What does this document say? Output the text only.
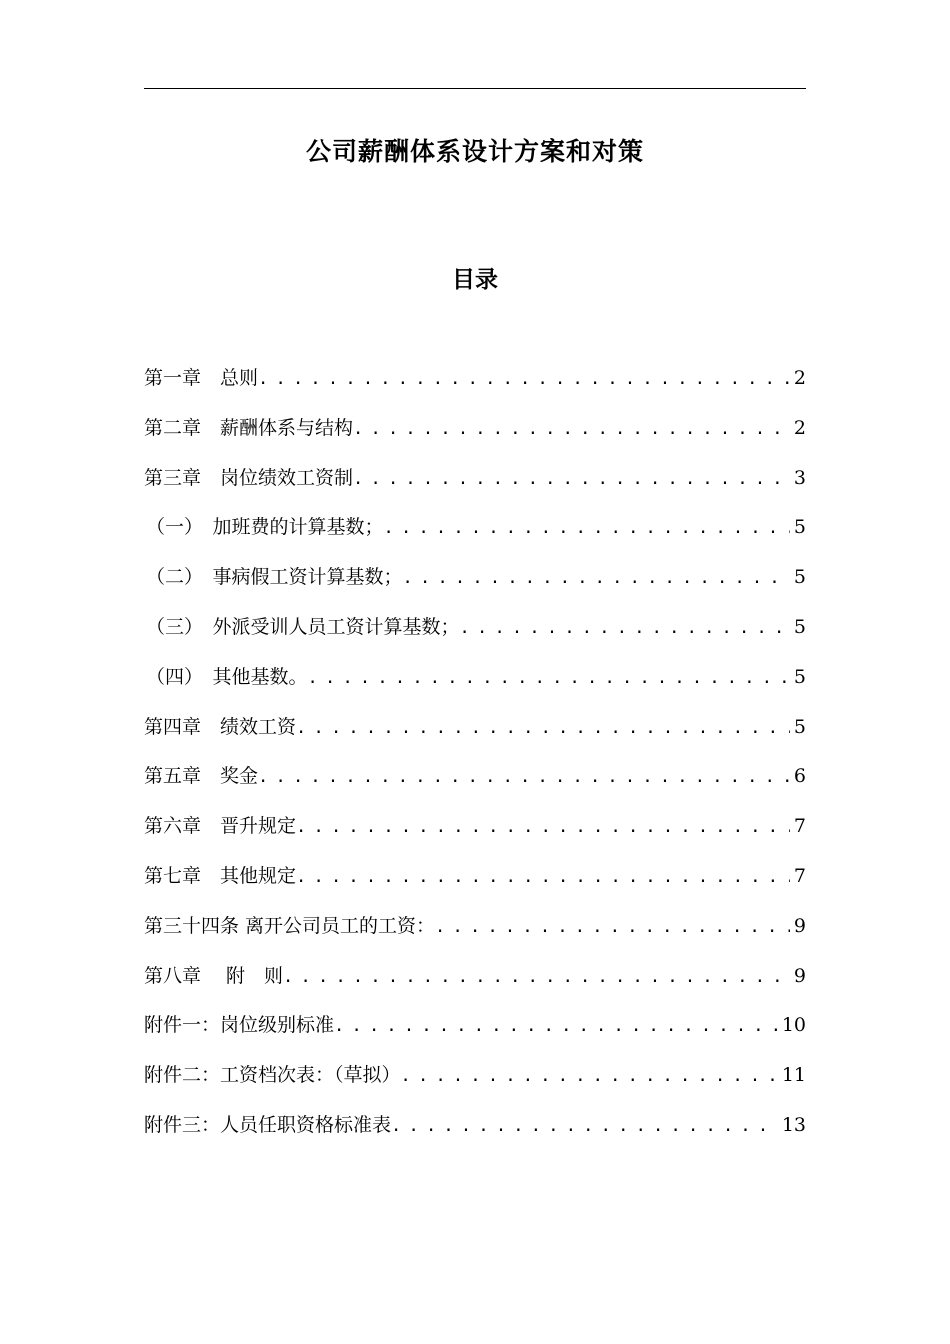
公司薪酬体系设计方案和对策
目录
第一章　总则 . . .	2
第二章　薪酬体系与结构 . . .	2
第三章　岗位绩效工资制 . . .	3
（一）　加班费的计算基数； . . .	5
（二）　事病假工资计算基数； . . .	5
（三）　外派受训人员工资计算基数； . . .	5
（四）　其他基数。 . . .	5
第四章　绩效工资 . . .	5
第五章　奖金 . . .	6
第六章　晋升规定 . . .	7
第七章　其他规定 . . .	7
第三十四条 离开公司员工的工资： . . .	9
第八章　 附　则 . . .	9
附件一：岗位级别标准 . . .	10
附件二：工资档次表：（草拟） . . .	11
附件三：人员任职资格标准表 . . .	13
